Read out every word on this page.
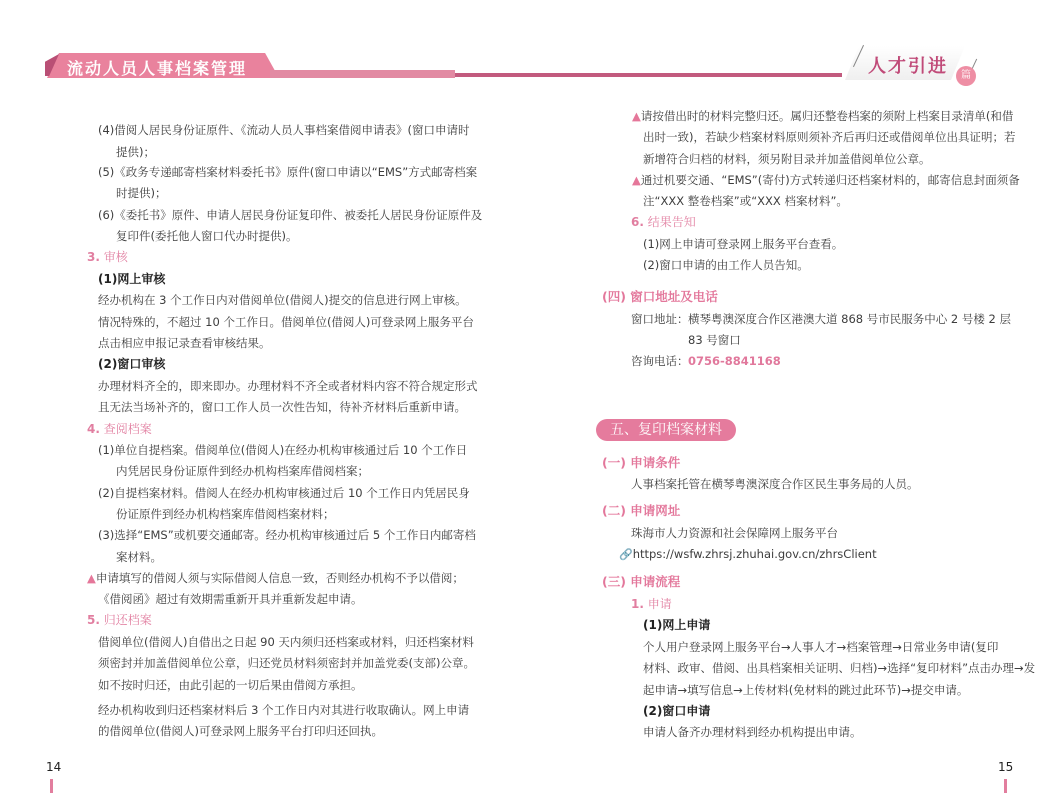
流动人员人事档案管理	人才引进	篇
(4)借阅人居民身份证原件、《流动人员人事档案借阅申请表》(窗口申请时
提供)；
(5)《政务专递邮寄档案材料委托书》原件(窗口申请以“EMS”方式邮寄档案
时提供)；
(6)《委托书》原件、申请人居民身份证复印件、被委托人居民身份证原件及
复印件(委托他人窗口代办时提供)。
3. 审核
(1)网上审核
经办机构在 3 个工作日内对借阅单位(借阅人)提交的信息进行网上审核。
情况特殊的，不超过 10 个工作日。借阅单位(借阅人)可登录网上服务平台
点击相应申报记录查看审核结果。
(2)窗口审核
办理材料齐全的，即来即办。办理材料不齐全或者材料内容不符合规定形式
且无法当场补齐的，窗口工作人员一次性告知，待补齐材料后重新申请。
4. 查阅档案
(1)单位自提档案。借阅单位(借阅人)在经办机构审核通过后 10 个工作日
内凭居民身份证原件到经办机构档案库借阅档案；
(2)自提档案材料。借阅人在经办机构审核通过后 10 个工作日内凭居民身
份证原件到经办机构档案库借阅档案材料；
(3)选择“EMS”或机要交通邮寄。经办机构审核通过后 5 个工作日内邮寄档
案材料。
▲申请填写的借阅人须与实际借阅人信息一致，否则经办机构不予以借阅；
《借阅函》超过有效期需重新开具并重新发起申请。
5. 归还档案
借阅单位(借阅人)自借出之日起 90 天内须归还档案或材料，归还档案材料
须密封并加盖借阅单位公章，归还党员材料须密封并加盖党委(支部)公章。
如不按时归还，由此引起的一切后果由借阅方承担。
经办机构收到归还档案材料后 3 个工作日内对其进行收取确认。网上申请
的借阅单位(借阅人)可登录网上服务平台打印归还回执。
14
▲请按借出时的材料完整归还。属归还整卷档案的须附上档案目录清单(和借
出时一致)，若缺少档案材料原则须补齐后再归还或借阅单位出具证明；若
新增符合归档的材料，须另附目录并加盖借阅单位公章。
▲通过机要交通、“EMS”(寄付)方式转递归还档案材料的，邮寄信息封面须备
注“XXX 整卷档案”或“XXX 档案材料”。
6. 结果告知
(1)网上申请可登录网上服务平台查看。
(2)窗口申请的由工作人员告知。
(四) 窗口地址及电话
窗口地址： 横琴粤澳深度合作区港澳大道 868 号市民服务中心 2 号楼 2 层
83 号窗口
咨询电话： 0756-8841168
五、复印档案材料
(一) 申请条件
人事档案托管在横琴粤澳深度合作区民生事务局的人员。
(二) 申请网址
珠海市人力资源和社会保障网上服务平台
🔗https://wsfw.zhrsj.zhuhai.gov.cn/zhrsClient
(三) 申请流程
1. 申请
(1)网上申请
个人用户登录网上服务平台→人事人才→档案管理→日常业务申请(复印
材料、政审、借阅、出具档案相关证明、归档)→选择“复印材料”点击办理→发
起申请→填写信息→上传材料(免材料的跳过此环节)→提交申请。
(2)窗口申请
申请人备齐办理材料到经办机构提出申请。
15
